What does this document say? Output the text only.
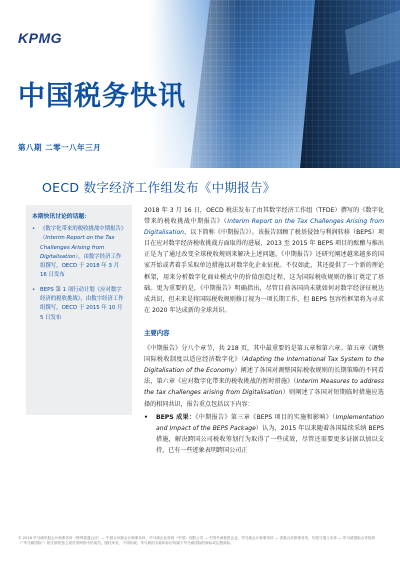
KPMG
中国税务快讯
第八期 二零一八年三月
OECD 数字经济工作组发布《中期报告》
本期快讯讨论的话题：
• 《数字化带来的税收挑战中期报告》（Interim Report on the Tax Challenges Arising from Digitalisation），由数字经济工作组撰写，OECD 于 2018 年 3 月 16 日发布
• BEPS 第 1 项行动计划《应对数字经济的税收挑战》，由数字经济工作组撰写，OECD 于 2015 年 10 月 5 日发布

2018 年 3 月 16 日，OECD 税法发布了由其数字经济工作组（TFDE）撰写的《数字化带来的税收挑战中期报告》（Interim Report on the Tax Challenges Arising from Digitalisation，以下简称《中期报告》）。该报告回顾了税基侵蚀与利润转移（BEPS）项目在应对数字经济税收挑战方面取得的进展，2013 至 2015 年 BEPS 项目的酝酿与推出正是为了通过改变全球税收规则来解决上述问题。《中期报告》还研究阐述越来越多的国家开始或者着手采取单边措施以对数字化企业征税。不仅如此，其还提供了一个新的理论框架，用来分析数字化商业模式中的价值创造过程，这为国际税收规则的修订奠定了基础。更为重要的是，《中期报告》明确指出，尽管目前各国尚未就如何对数字经济征税达成共识，但未来是将国际税收规则修订视为一项长期工作，但 BEPS 包容性框架将为寻求在 2020 年达成新的全球共识。

主要内容

《中期报告》分八个章节，共 218 页，其中最重要的是第五章和第六章。第五章《调整国际税收制度以适应经济数字化》（Adapting the International Tax System to the Digitalisation of the Economy）阐述了各国对调整国际税收规则的长期策略的不同看法，第六章《应对数字化带来的税收挑战的暂时措施》（Interim Measures to address the tax challenges arising from Digitalisation）则阐述了各国对短期临时措施应选择的相同共识，报告重点包括以下内容：

•	BEPS 成果：《中期报告》第三章《BEPS 项目的实施和影响》（Implementation and Impact of the BEPS Package）认为，2015 年以来随着各国陆续采纳 BEPS 措施，解决跨国公司税收筹划行为取得了一些成效，尽管还需要更多证据以加以支持，已有一些迹象表明跨国公司正
© 2018 毕马威华振会计师事务所（特殊普通合伙）— 中国合伙制会计师事务所，毕马威企业咨询（中国）有限公司 — 中国外商独资企业，毕马威会计师事务所 — 香港合伙制事务所，均是与瑞士实体 — 毕马威国际合作组织（“毕马威国际”）相关联的独立成员所网络中的成员。版权所有，不得转载。毕马威的名称和标识均属于毕马威国际的商标或注册商标。
